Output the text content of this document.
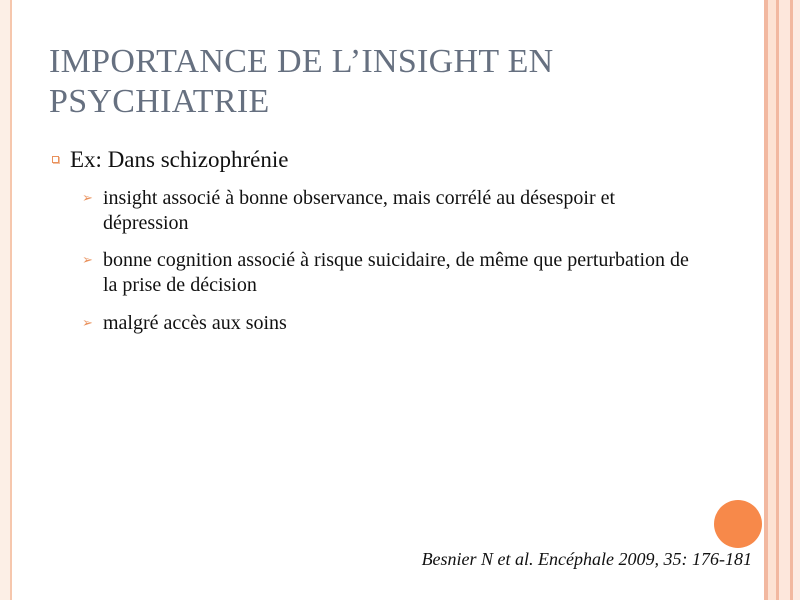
IMPORTANCE DE L’INSIGHT EN PSYCHIATRIE
Ex: Dans schizophrénie
➢ insight associé à bonne observance, mais corrélé au désespoir et dépression
➢ bonne cognition associé à risque suicidaire, de même que perturbation de la prise de décision
➢ malgré accès aux soins
Besnier N et al. Encéphale 2009, 35: 176-181
